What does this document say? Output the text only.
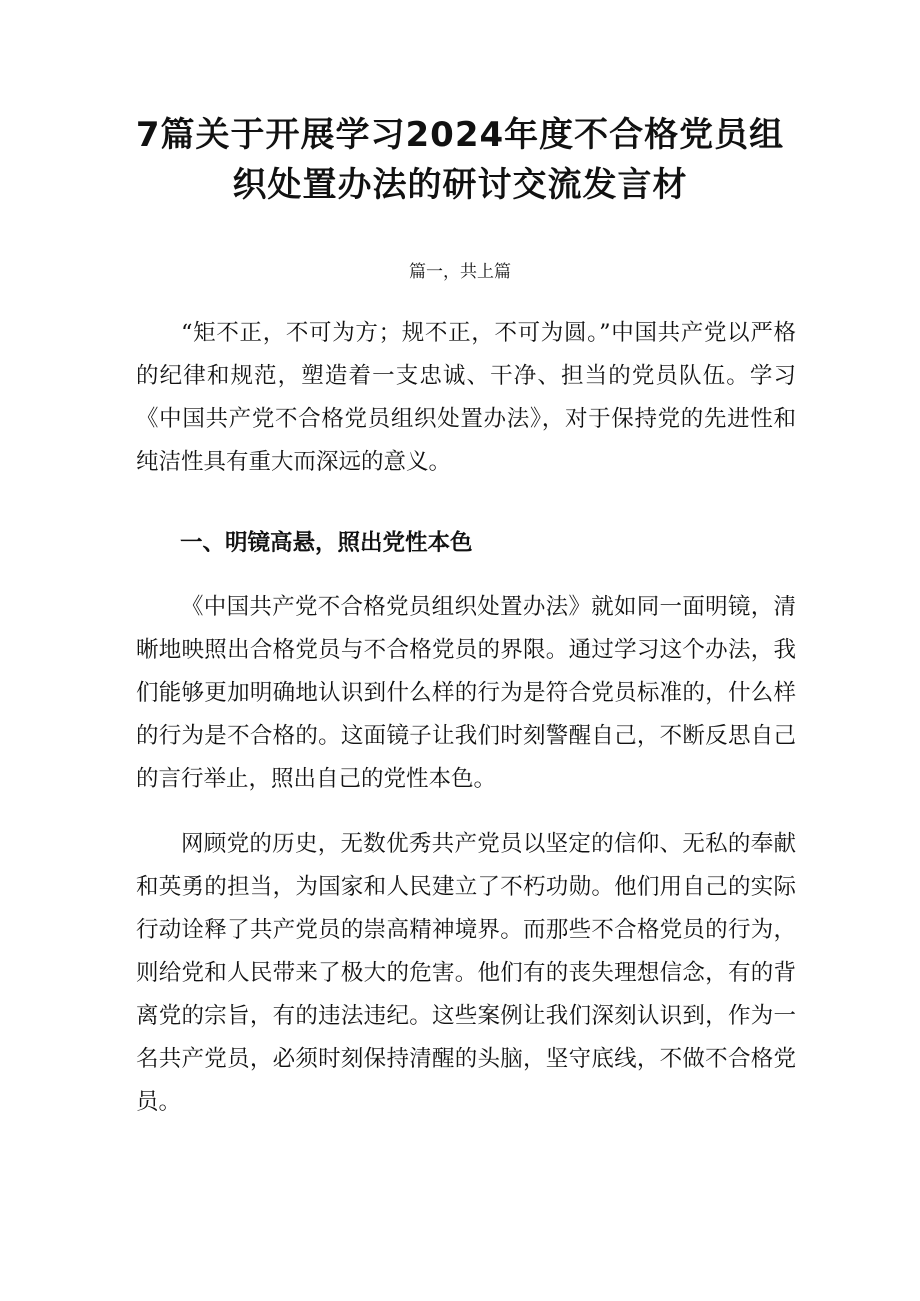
7篇关于开展学习2024年度不合格党员组
织处置办法的研讨交流发言材

篇一，共上篇

“矩不正，不可为方；规不正，不可为圆。”中国共产党以严格的纪律和规范，塑造着一支忠诚、干净、担当的党员队伍。学习《中国共产党不合格党员组织处置办法》，对于保持党的先进性和纯洁性具有重大而深远的意义。

一、明镜高悬，照出党性本色

《中国共产党不合格党员组织处置办法》就如同一面明镜，清晰地映照出合格党员与不合格党员的界限。通过学习这个办法，我们能够更加明确地认识到什么样的行为是符合党员标准的，什么样的行为是不合格的。这面镜子让我们时刻警醒自己，不断反思自己的言行举止，照出自己的党性本色。

网顾党的历史，无数优秀共产党员以坚定的信仰、无私的奉献和英勇的担当，为国家和人民建立了不朽功勋。他们用自己的实际行动诠释了共产党员的崇高精神境界。而那些不合格党员的行为，则给党和人民带来了极大的危害。他们有的丧失理想信念，有的背离党的宗旨，有的违法违纪。这些案例让我们深刻认识到，作为一名共产党员，必须时刻保持清醒的头脑，坚守底线，不做不合格党员。
